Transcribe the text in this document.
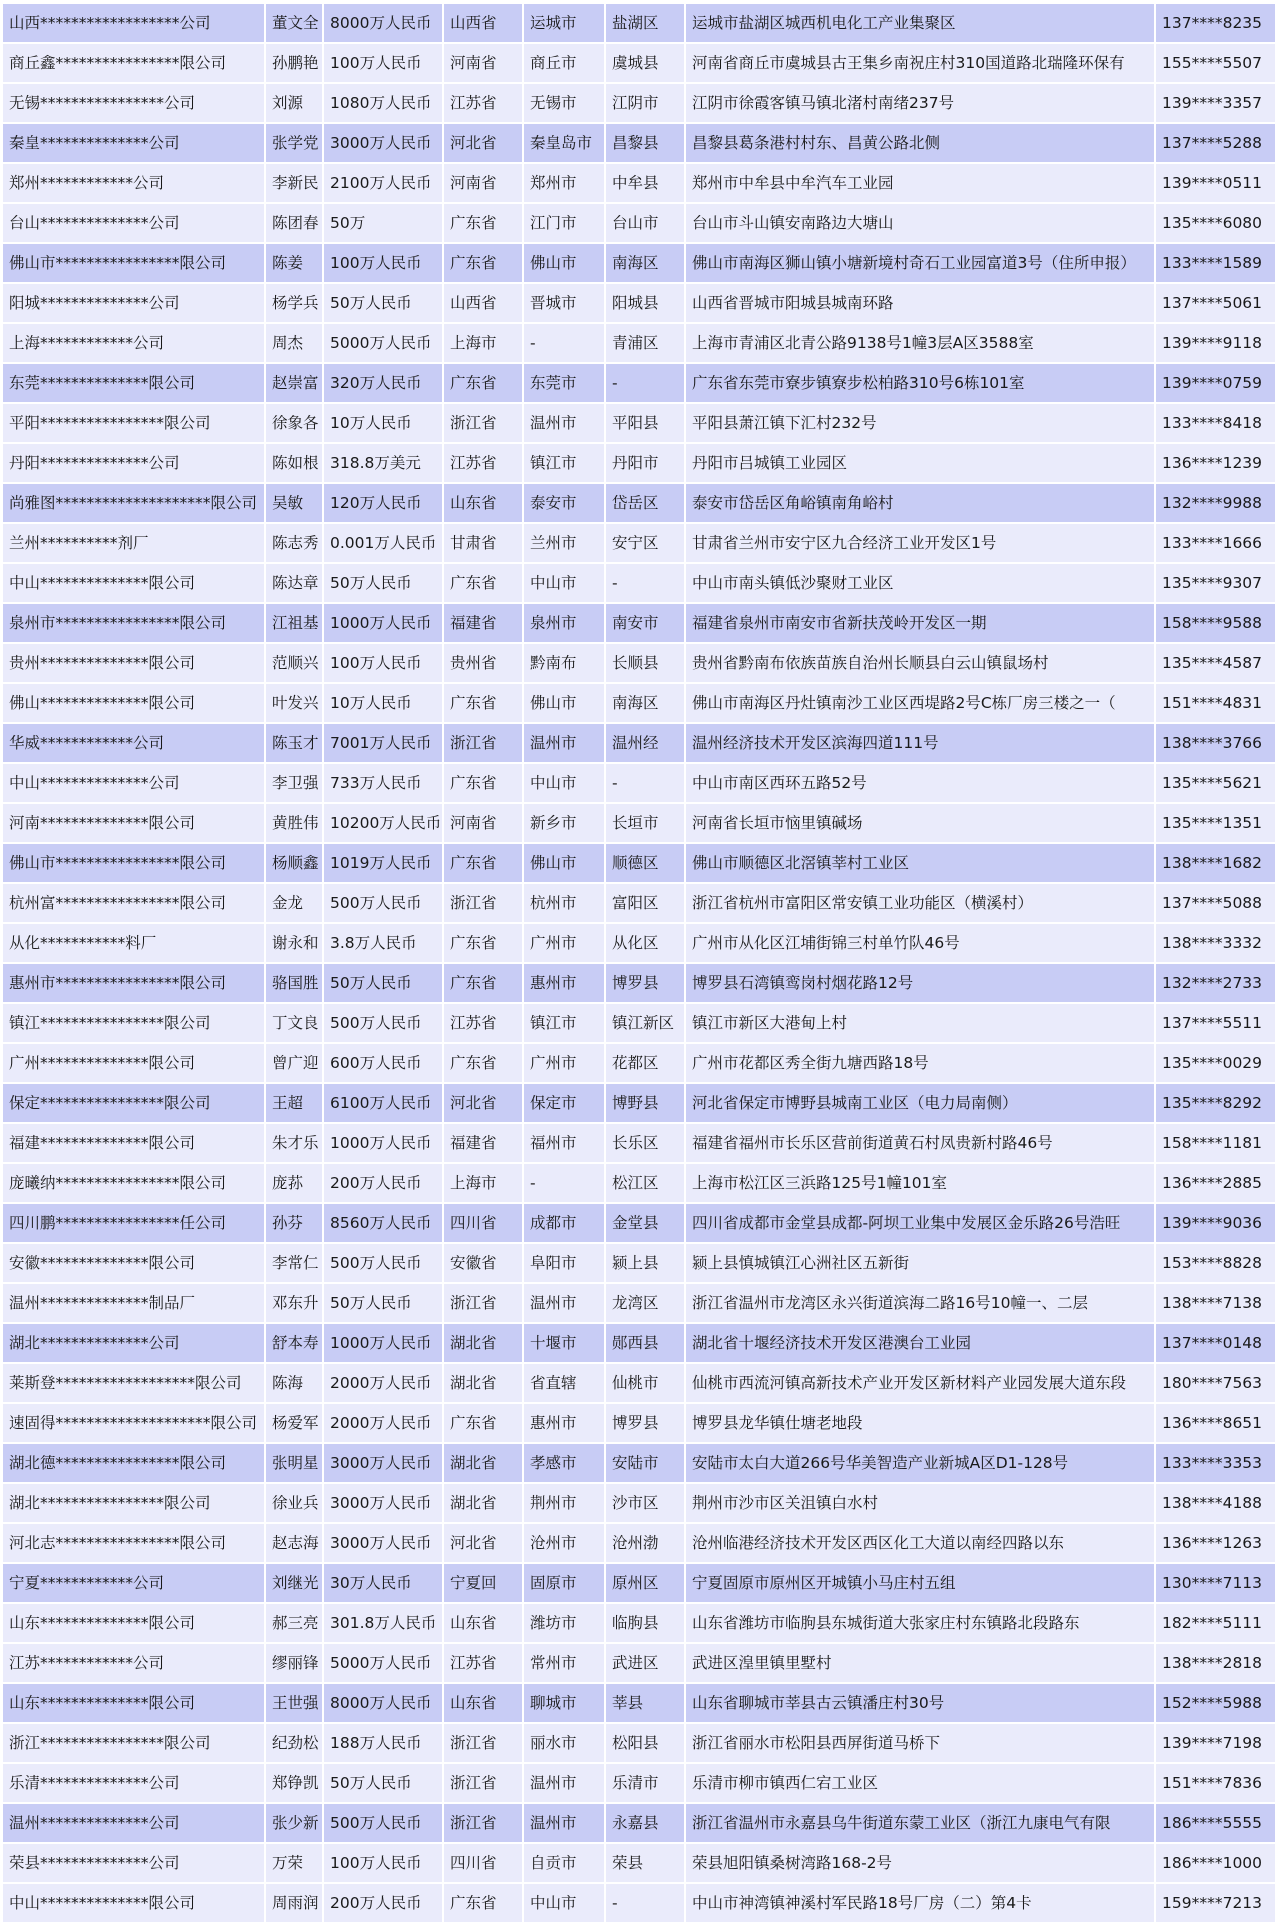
山西******************公司	董文全	8000万人民币	山西省	运城市	盐湖区	运城市盐湖区城西机电化工产业集聚区	137****8235
商丘鑫****************限公司	孙鹏艳	100万人民币	河南省	商丘市	虞城县	河南省商丘市虞城县古王集乡南祝庄村310国道路北瑞隆环保有	155****5507
无锡****************公司	刘源	1080万人民币	江苏省	无锡市	江阴市	江阴市徐霞客镇马镇北渚村南绪237号	139****3357
秦皇**************公司	张学党	3000万人民币	河北省	秦皇岛市	昌黎县	昌黎县葛条港村村东、昌黄公路北侧	137****5288
郑州************公司	李新民	2100万人民币	河南省	郑州市	中牟县	郑州市中牟县中牟汽车工业园	139****0511
台山**************公司	陈团春	50万	广东省	江门市	台山市	台山市斗山镇安南路边大塘山	135****6080
佛山市****************限公司	陈姜	100万人民币	广东省	佛山市	南海区	佛山市南海区狮山镇小塘新境村奇石工业园富道3号（住所申报）	133****1589
阳城**************公司	杨学兵	50万人民币	山西省	晋城市	阳城县	山西省晋城市阳城县城南环路	137****5061
上海************公司	周杰	5000万人民币	上海市	-	青浦区	上海市青浦区北青公路9138号1幢3层A区3588室	139****9118
东莞**************限公司	赵崇富	320万人民币	广东省	东莞市	-	广东省东莞市寮步镇寮步松柏路310号6栋101室	139****0759
平阳****************限公司	徐象各	10万人民币	浙江省	温州市	平阳县	平阳县萧江镇下汇村232号	133****8418
丹阳**************公司	陈如根	318.8万美元	江苏省	镇江市	丹阳市	丹阳市吕城镇工业园区	136****1239
尚雅图********************限公司	吴敏	120万人民币	山东省	泰安市	岱岳区	泰安市岱岳区角峪镇南角峪村	132****9988
兰州**********剂厂	陈志秀	0.001万人民币	甘肃省	兰州市	安宁区	甘肃省兰州市安宁区九合经济工业开发区1号	133****1666
中山**************限公司	陈达章	50万人民币	广东省	中山市	-	中山市南头镇低沙聚财工业区	135****9307
泉州市****************限公司	江祖基	1000万人民币	福建省	泉州市	南安市	福建省泉州市南安市省新扶茂岭开发区一期	158****9588
贵州**************限公司	范顺兴	100万人民币	贵州省	黔南布	长顺县	贵州省黔南布依族苗族自治州长顺县白云山镇鼠场村	135****4587
佛山**************限公司	叶发兴	10万人民币	广东省	佛山市	南海区	佛山市南海区丹灶镇南沙工业区西堤路2号C栋厂房三楼之一（	151****4831
华威************公司	陈玉才	7001万人民币	浙江省	温州市	温州经	温州经济技术开发区滨海四道111号	138****3766
中山**************公司	李卫强	733万人民币	广东省	中山市	-	中山市南区西环五路52号	135****5621
河南**************限公司	黄胜伟	10200万人民币	河南省	新乡市	长垣市	河南省长垣市恼里镇碱场	135****1351
佛山市****************限公司	杨顺鑫	1019万人民币	广东省	佛山市	顺德区	佛山市顺德区北滘镇莘村工业区	138****1682
杭州富****************限公司	金龙	500万人民币	浙江省	杭州市	富阳区	浙江省杭州市富阳区常安镇工业功能区（横溪村）	137****5088
从化***********料厂	谢永和	3.8万人民币	广东省	广州市	从化区	广州市从化区江埔街锦三村单竹队46号	138****3332
惠州市****************限公司	骆国胜	50万人民币	广东省	惠州市	博罗县	博罗县石湾镇鸾岗村烟花路12号	132****2733
镇江****************限公司	丁文良	500万人民币	江苏省	镇江市	镇江新区	镇江市新区大港甸上村	137****5511
广州**************限公司	曾广迎	600万人民币	广东省	广州市	花都区	广州市花都区秀全街九塘西路18号	135****0029
保定****************限公司	王超	6100万人民币	河北省	保定市	博野县	河北省保定市博野县城南工业区（电力局南侧）	135****8292
福建**************限公司	朱才乐	1000万人民币	福建省	福州市	长乐区	福建省福州市长乐区营前街道黄石村凤贵新村路46号	158****1181
庞曦纳****************限公司	庞荪	200万人民币	上海市	-	松江区	上海市松江区三浜路125号1幢101室	136****2885
四川鹏****************任公司	孙芬	8560万人民币	四川省	成都市	金堂县	四川省成都市金堂县成都-阿坝工业集中发展区金乐路26号浩旺	139****9036
安徽**************限公司	李常仁	500万人民币	安徽省	阜阳市	颍上县	颍上县慎城镇江心洲社区五新街	153****8828
温州**************制品厂	邓东升	50万人民币	浙江省	温州市	龙湾区	浙江省温州市龙湾区永兴街道滨海二路16号10幢一、二层	138****7138
湖北**************公司	舒本寿	1000万人民币	湖北省	十堰市	郧西县	湖北省十堰经济技术开发区港澳台工业园	137****0148
莱斯登******************限公司	陈海	2000万人民币	湖北省	省直辖	仙桃市	仙桃市西流河镇高新技术产业开发区新材料产业园发展大道东段	180****7563
速固得********************限公司	杨爱军	2000万人民币	广东省	惠州市	博罗县	博罗县龙华镇仕塘老地段	136****8651
湖北德****************限公司	张明星	3000万人民币	湖北省	孝感市	安陆市	安陆市太白大道266号华美智造产业新城A区D1-128号	133****3353
湖北****************限公司	徐业兵	3000万人民币	湖北省	荆州市	沙市区	荆州市沙市区关沮镇白水村	138****4188
河北志****************限公司	赵志海	3000万人民币	河北省	沧州市	沧州渤	沧州临港经济技术开发区西区化工大道以南经四路以东	136****1263
宁夏************公司	刘继光	30万人民币	宁夏回	固原市	原州区	宁夏固原市原州区开城镇小马庄村五组	130****7113
山东**************限公司	郝三亮	301.8万人民币	山东省	潍坊市	临朐县	山东省潍坊市临朐县东城街道大张家庄村东镇路北段路东	182****5111
江苏************公司	缪丽锋	5000万人民币	江苏省	常州市	武进区	武进区湟里镇里墅村	138****2818
山东**************限公司	王世强	8000万人民币	山东省	聊城市	莘县	山东省聊城市莘县古云镇潘庄村30号	152****5988
浙江****************限公司	纪劲松	188万人民币	浙江省	丽水市	松阳县	浙江省丽水市松阳县西屏街道马桥下	139****7198
乐清**************公司	郑铮凯	50万人民币	浙江省	温州市	乐清市	乐清市柳市镇西仁宕工业区	151****7836
温州**************公司	张少新	500万人民币	浙江省	温州市	永嘉县	浙江省温州市永嘉县乌牛街道东蒙工业区（浙江九康电气有限	186****5555
荣县**************公司	万荣	100万人民币	四川省	自贡市	荣县	荣县旭阳镇桑树湾路168-2号	186****1000
中山**************限公司	周雨润	200万人民币	广东省	中山市	-	中山市神湾镇神溪村军民路18号厂房（二）第4卡	159****7213
